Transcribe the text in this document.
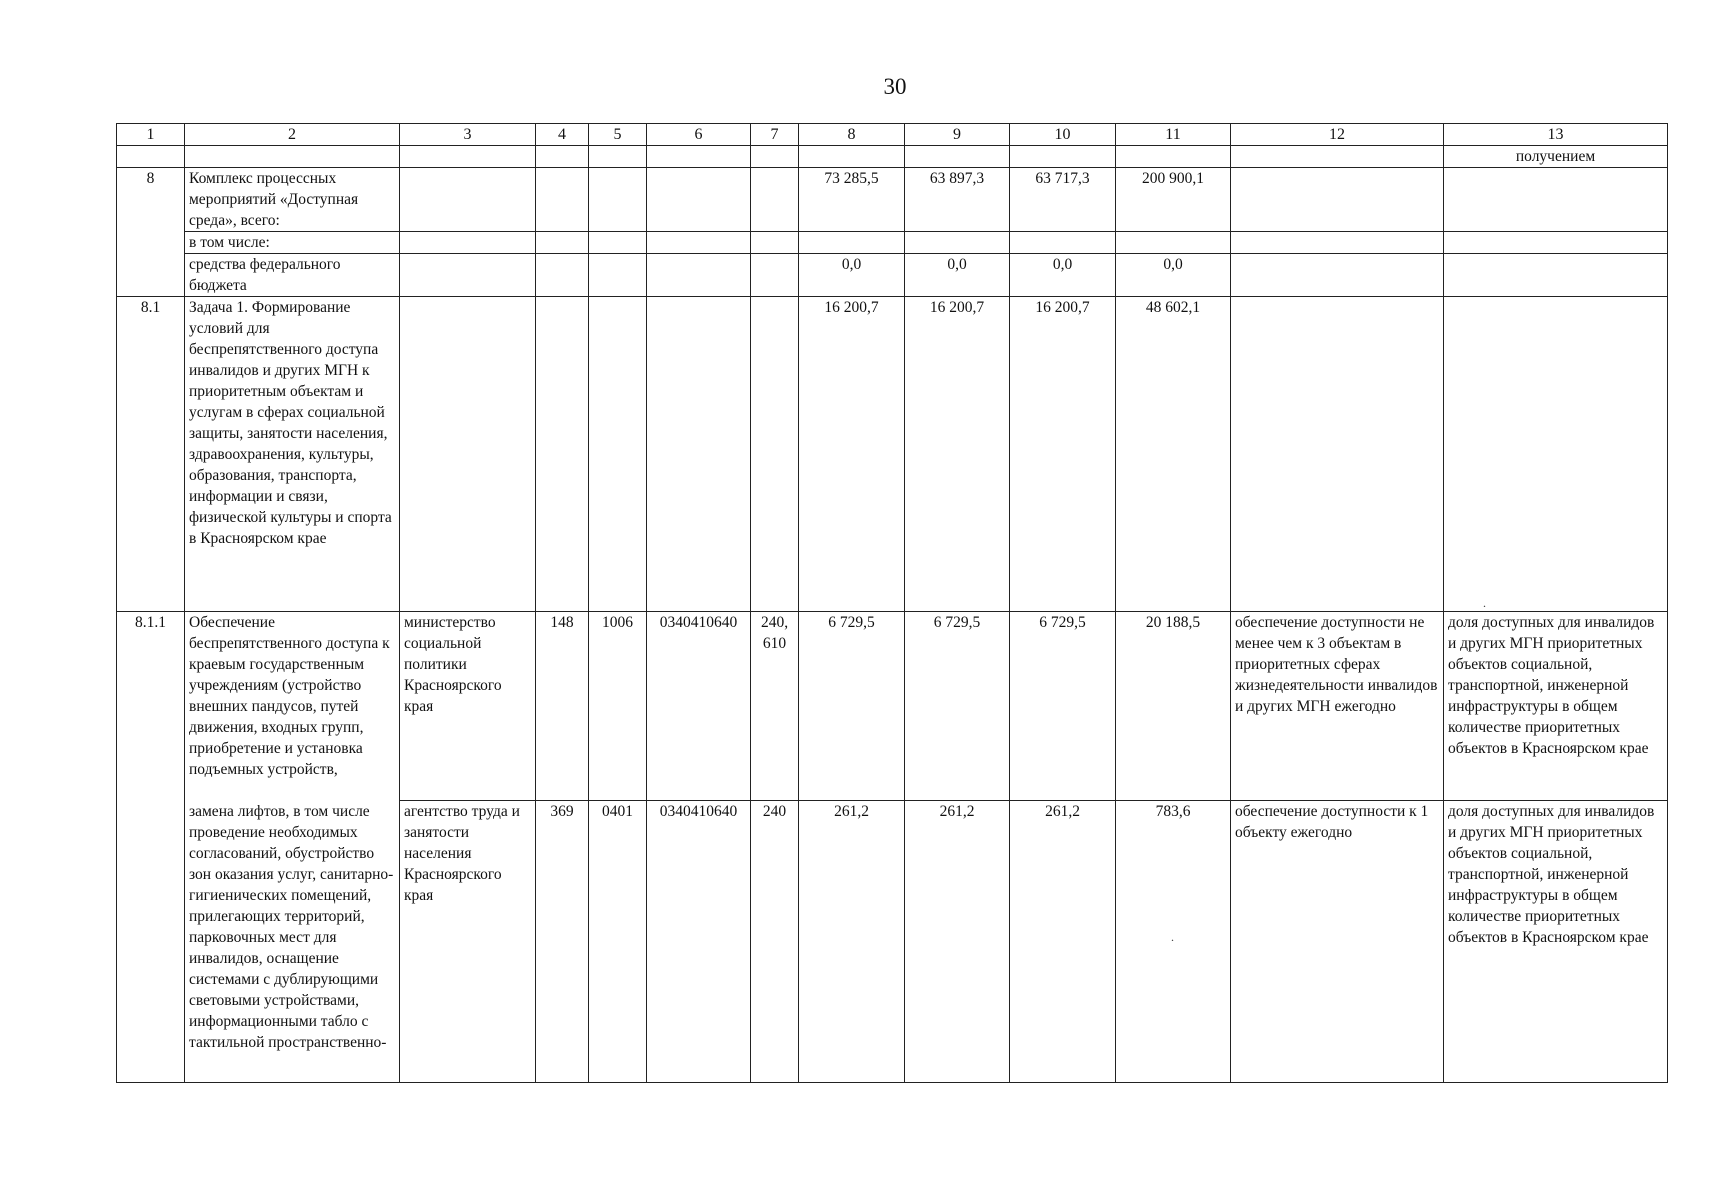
30
1	2	3	4	5	6	7	8	9	10	11	12	13
												получением
8	Комплекс процессных мероприятий «Доступная среда», всего:						73 285,5	63 897,3	63 717,3	200 900,1		
	в том числе:											
	средства федерального бюджета						0,0	0,0	0,0	0,0		
8.1	Задача 1. Формирование условий для беспрепятственного доступа инвалидов и других МГН к приоритетным объектам и услугам в сферах социальной защиты, занятости населения, здравоохранения, культуры, образования, транспорта, информации и связи, физической культуры и спорта в Красноярском крае						16 200,7	16 200,7	16 200,7	48 602,1		
8.1.1	Обеспечение беспрепятственного доступа к краевым государственным учреждениям (устройство внешних пандусов, путей движения, входных групп, приобретение и установка подъемных устройств,	министерство социальной политики Красноярского края	148	1006	0340410640	240, 610	6 729,5	6 729,5	6 729,5	20 188,5	обеспечение доступности не менее чем к 3 объектам в приоритетных сферах жизнедеятельности инвалидов и других МГН ежегодно	доля доступных для инвалидов и других МГН приоритетных объектов социальной, транспортной, инженерной инфраструктуры в общем количестве приоритетных объектов в Красноярском крае
	замена лифтов, в том числе проведение необходимых согласований, обустройство зон оказания услуг, санитарно-гигиенических помещений, прилегающих территорий, парковочных мест для инвалидов, оснащение системами с дублирующими световыми устройствами, информационными табло с тактильной пространственно-	агентство труда и занятости населения Красноярского края	369	0401	0340410640	240	261,2	261,2	261,2	783,6	обеспечение доступности к 1 объекту ежегодно	доля доступных для инвалидов и других МГН приоритетных объектов социальной, транспортной, инженерной инфраструктуры в общем количестве приоритетных объектов в Красноярском крае
.
.
